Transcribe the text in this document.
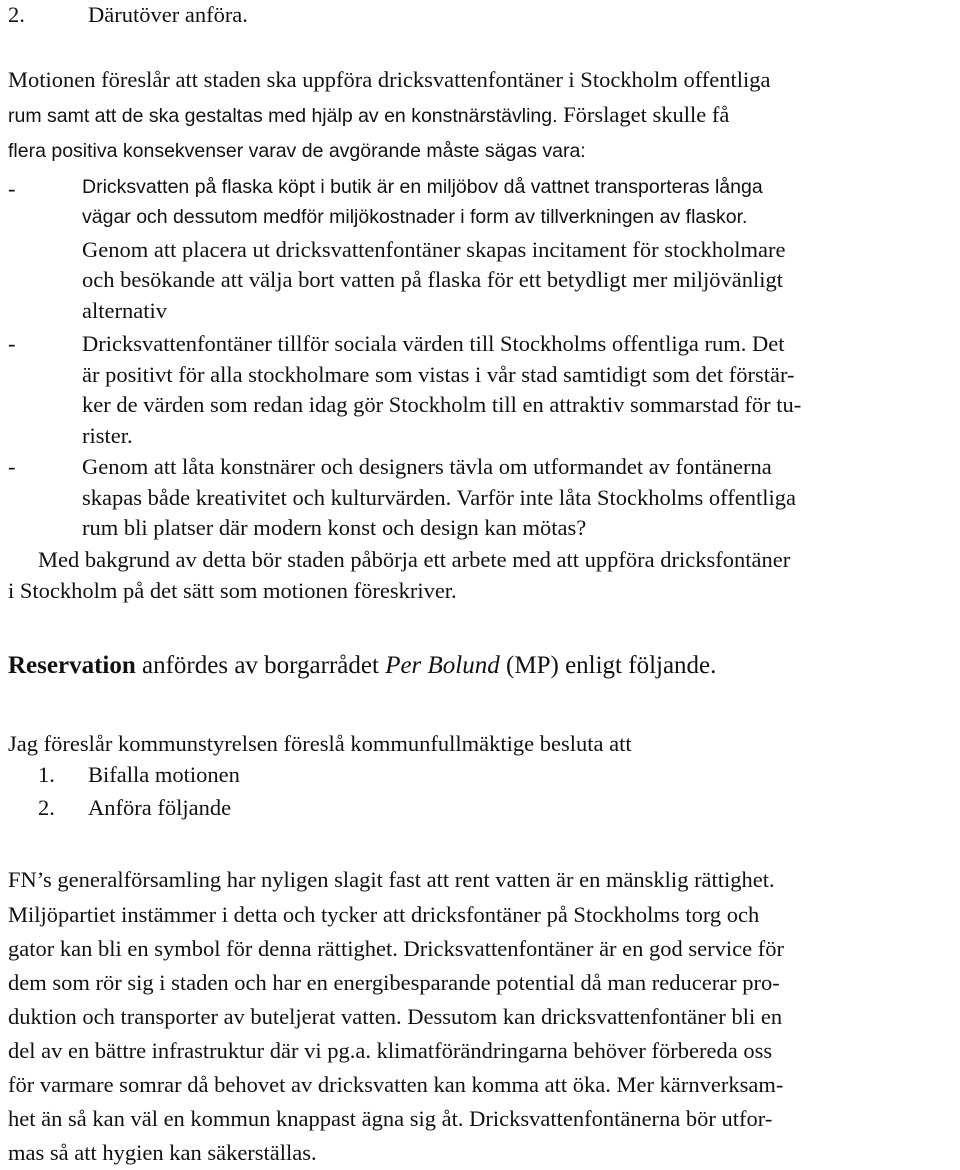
2.	Därutöver anföra.
Motionen föreslår att staden ska uppföra dricksvattenfontäner i Stockholm offentliga
rum samt att de ska gestaltas med hjälp av en konstnärstävling. Förslaget skulle få
flera positiva konsekvenser varav de avgörande måste sägas vara:
-	Dricksvatten på flaska köpt i butik är en miljöbov då vattnet transporteras långa
vägar och dessutom medför miljökostnader i form av tillverkningen av flaskor.
Genom att placera ut dricksvattenfontäner skapas incitament för stockholmare
och besökande att välja bort vatten på flaska för ett betydligt mer miljövänligt
alternativ
-	Dricksvattenfontäner tillför sociala värden till Stockholms offentliga rum. Det
är positivt för alla stockholmare som vistas i vår stad samtidigt som det förstär-
ker de värden som redan idag gör Stockholm till en attraktiv sommarstad för tu-
rister.
-	Genom att låta konstnärer och designers tävla om utformandet av fontänerna
skapas både kreativitet och kulturvärden. Varför inte låta Stockholms offentliga
rum bli platser där modern konst och design kan mötas?
Med bakgrund av detta bör staden påbörja ett arbete med att uppföra dricksfontäner
i Stockholm på det sätt som motionen föreskriver.
Reservation anfördes av borgarrådet Per Bolund (MP) enligt följande.
Jag föreslår kommunstyrelsen föreslå kommunfullmäktige besluta att
1. Bifalla motionen
2. Anföra följande
FN’s generalförsamling har nyligen slagit fast att rent vatten är en mänsklig rättighet.
Miljöpartiet instämmer i detta och tycker att dricksfontäner på Stockholms torg och
gator kan bli en symbol för denna rättighet. Dricksvattenfontäner är en god service för
dem som rör sig i staden och har en energibesparande potential då man reducerar pro-
duktion och transporter av buteljerat vatten. Dessutom kan dricksvattenfontäner bli en
del av en bättre infrastruktur där vi pg.a. klimatförändringarna behöver förbereda oss
för varmare somrar då behovet av dricksvatten kan komma att öka. Mer kärnverksam-
het än så kan väl en kommun knappast ägna sig åt. Dricksvattenfontänerna bör utfor-
mas så att hygien kan säkerställas.
